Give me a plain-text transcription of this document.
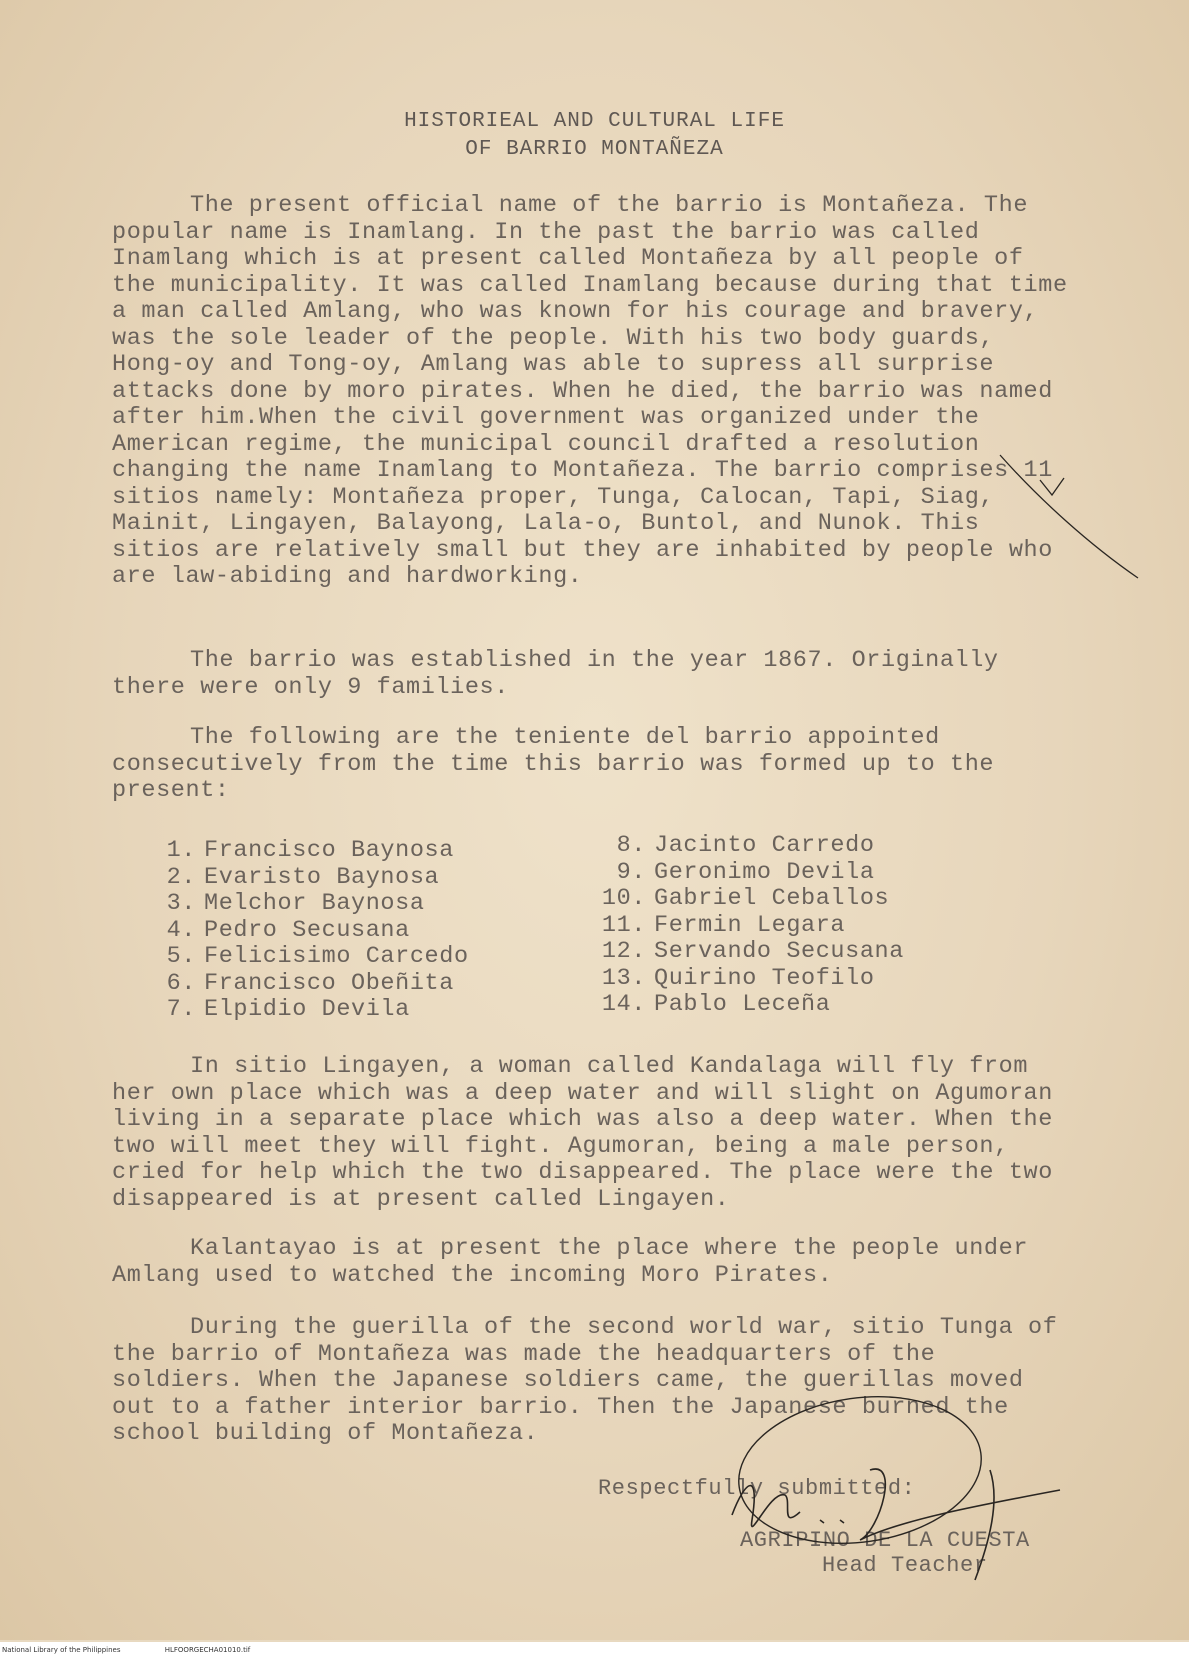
HISTORIEAL AND CULTURAL LIFE
OF BARRIO MONTAÑEZA

The present official name of the barrio is Montañeza. The popular name is Inamlang. In the past the barrio was called Inamlang which is at present called Montañeza by all people of the municipality. It was called Inamlang because during that time a man called Amlang, who was known for his courage and bravery, was the sole leader of the people. With his two body guards, Hong-oy and Tong-oy, Amlang was able to supress all surprise attacks done by moro pirates. When he died, the barrio was named after him.When the civil government was organized under the American regime, the municipal council drafted a resolution changing the name Inamlang to Montañeza. The barrio comprises 11 sitios namely: Montañeza proper, Tunga, Calocan, Tapi, Siag, Mainit, Lingayen, Balayong, Lala-o, Buntol, and Nunok. This sitios are relatively small but they are inhabited by people who are law-abiding and hardworking.

The barrio was established in the year 1867. Originally there were only 9 families.

The following are the teniente del barrio appointed consecutively from the time this barrio was formed up to the present:

1. Francisco Baynosa
2. Evaristo Baynosa
3. Melchor Baynosa
4. Pedro Secusana
5. Felicisimo Carcedo
6. Francisco Obeñita
7. Elpidio Devila
8. Jacinto Carredo
9. Geronimo Devila
10. Gabriel Ceballos
11. Fermin Legara
12. Servando Secusana
13. Quirino Teofilo
14. Pablo Leceña

In sitio Lingayen, a woman called Kandalaga will fly from her own place which was a deep water and will slight on Agumoran living in a separate place which was also a deep water. When the two will meet they will fight. Agumoran, being a male person, cried for help which the two disappeared. The place were the two disappeared is at present called Lingayen.

Kalantayao is at present the place where the people under Amlang used to watched the incoming Moro Pirates.

During the guerilla of the second world war, sitio Tunga of the barrio of Montañeza was made the headquarters of the soldiers. When the Japanese soldiers came, the guerillas moved out to a father interior barrio. Then the Japanese burned the school building of Montañeza.

Respectfully submitted:
AGRIPINO DE LA CUESTA
Head Teacher
National Library of the Philippines	HLFOORGECHA01010.tif
